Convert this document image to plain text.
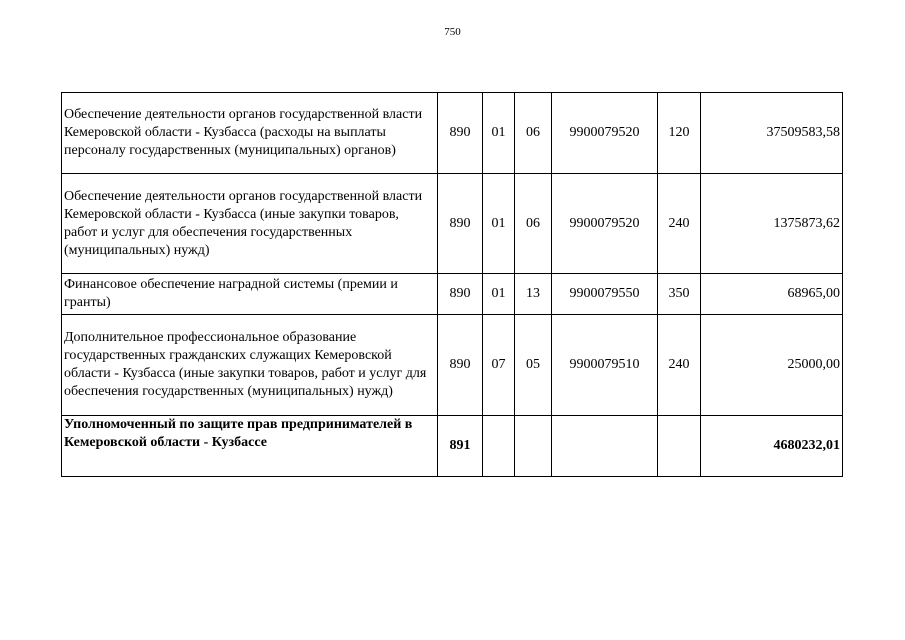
750
Обеспечение деятельности органов государственной власти Кемеровской области - Кузбасса (расходы на выплаты персоналу государственных (муниципальных) органов)	890	01	06	9900079520	120	37509583,58
Обеспечение деятельности органов государственной власти Кемеровской области - Кузбасса (иные закупки товаров, работ и услуг для обеспечения государственных (муниципальных) нужд)	890	01	06	9900079520	240	1375873,62
Финансовое обеспечение наградной системы (премии и гранты)	890	01	13	9900079550	350	68965,00
Дополнительное профессиональное образование государственных гражданских служащих Кемеровской области - Кузбасса (иные закупки товаров, работ и услуг для обеспечения государственных (муниципальных) нужд)	890	07	05	9900079510	240	25000,00
Уполномоченный по защите прав предпринимателей в Кемеровской области - Кузбассе	891					4680232,01
